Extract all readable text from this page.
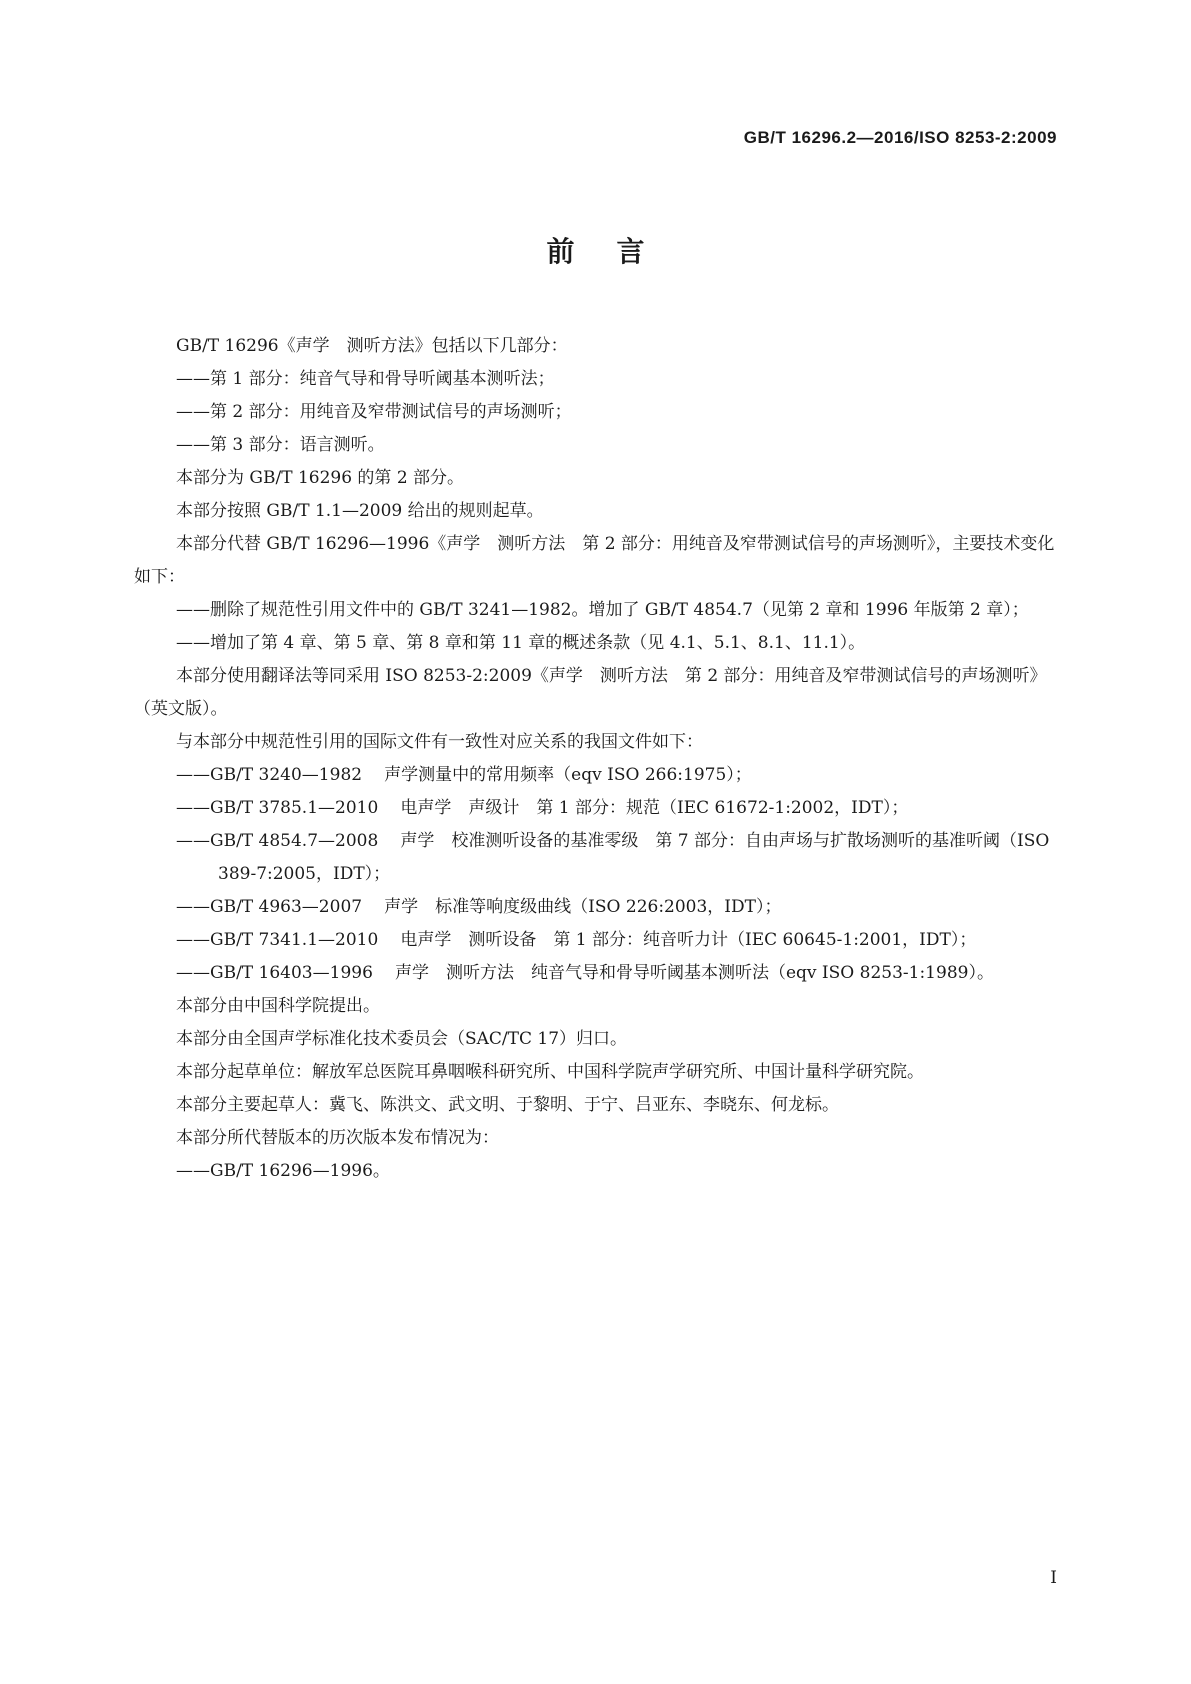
GB/T 16296.2—2016/ISO 8253-2:2009
前言

GB/T 16296《声学　测听方法》包括以下几部分：

——第 1 部分：纯音气导和骨导听阈基本测听法；

——第 2 部分：用纯音及窄带测试信号的声场测听；

——第 3 部分：语言测听。

本部分为 GB/T 16296 的第 2 部分。

本部分按照 GB/T 1.1—2009 给出的规则起草。

本部分代替 GB/T 16296—1996《声学　测听方法　第 2 部分：用纯音及窄带测试信号的声场测听》，主要技术变化如下：

——删除了规范性引用文件中的 GB/T 3241—1982。增加了 GB/T 4854.7（见第 2 章和 1996 年版第 2 章）；

——增加了第 4 章、第 5 章、第 8 章和第 11 章的概述条款（见 4.1、5.1、8.1、11.1）。

本部分使用翻译法等同采用 ISO 8253-2:2009《声学　测听方法　第 2 部分：用纯音及窄带测试信号的声场测听》（英文版）。

与本部分中规范性引用的国际文件有一致性对应关系的我国文件如下：

——GB/T 3240—1982 声学测量中的常用频率（eqv ISO 266:1975）；

——GB/T 3785.1—2010 电声学　声级计　第 1 部分：规范（IEC 61672-1:2002，IDT）；

——GB/T 4854.7—2008 声学　校准测听设备的基准零级　第 7 部分：自由声场与扩散场测听的基准听阈（ISO 389-7:2005，IDT）；

——GB/T 4963—2007 声学　标准等响度级曲线（ISO 226:2003，IDT）；

——GB/T 7341.1—2010 电声学　测听设备　第 1 部分：纯音听力计（IEC 60645-1:2001，IDT）；

——GB/T 16403—1996 声学　测听方法　纯音气导和骨导听阈基本测听法（eqv ISO 8253-1:1989）。

本部分由中国科学院提出。

本部分由全国声学标准化技术委员会（SAC/TC 17）归口。

本部分起草单位：解放军总医院耳鼻咽喉科研究所、中国科学院声学研究所、中国计量科学研究院。

本部分主要起草人：冀飞、陈洪文、武文明、于黎明、于宁、吕亚东、李晓东、何龙标。

本部分所代替版本的历次版本发布情况为：

——GB/T 16296—1996。

I
